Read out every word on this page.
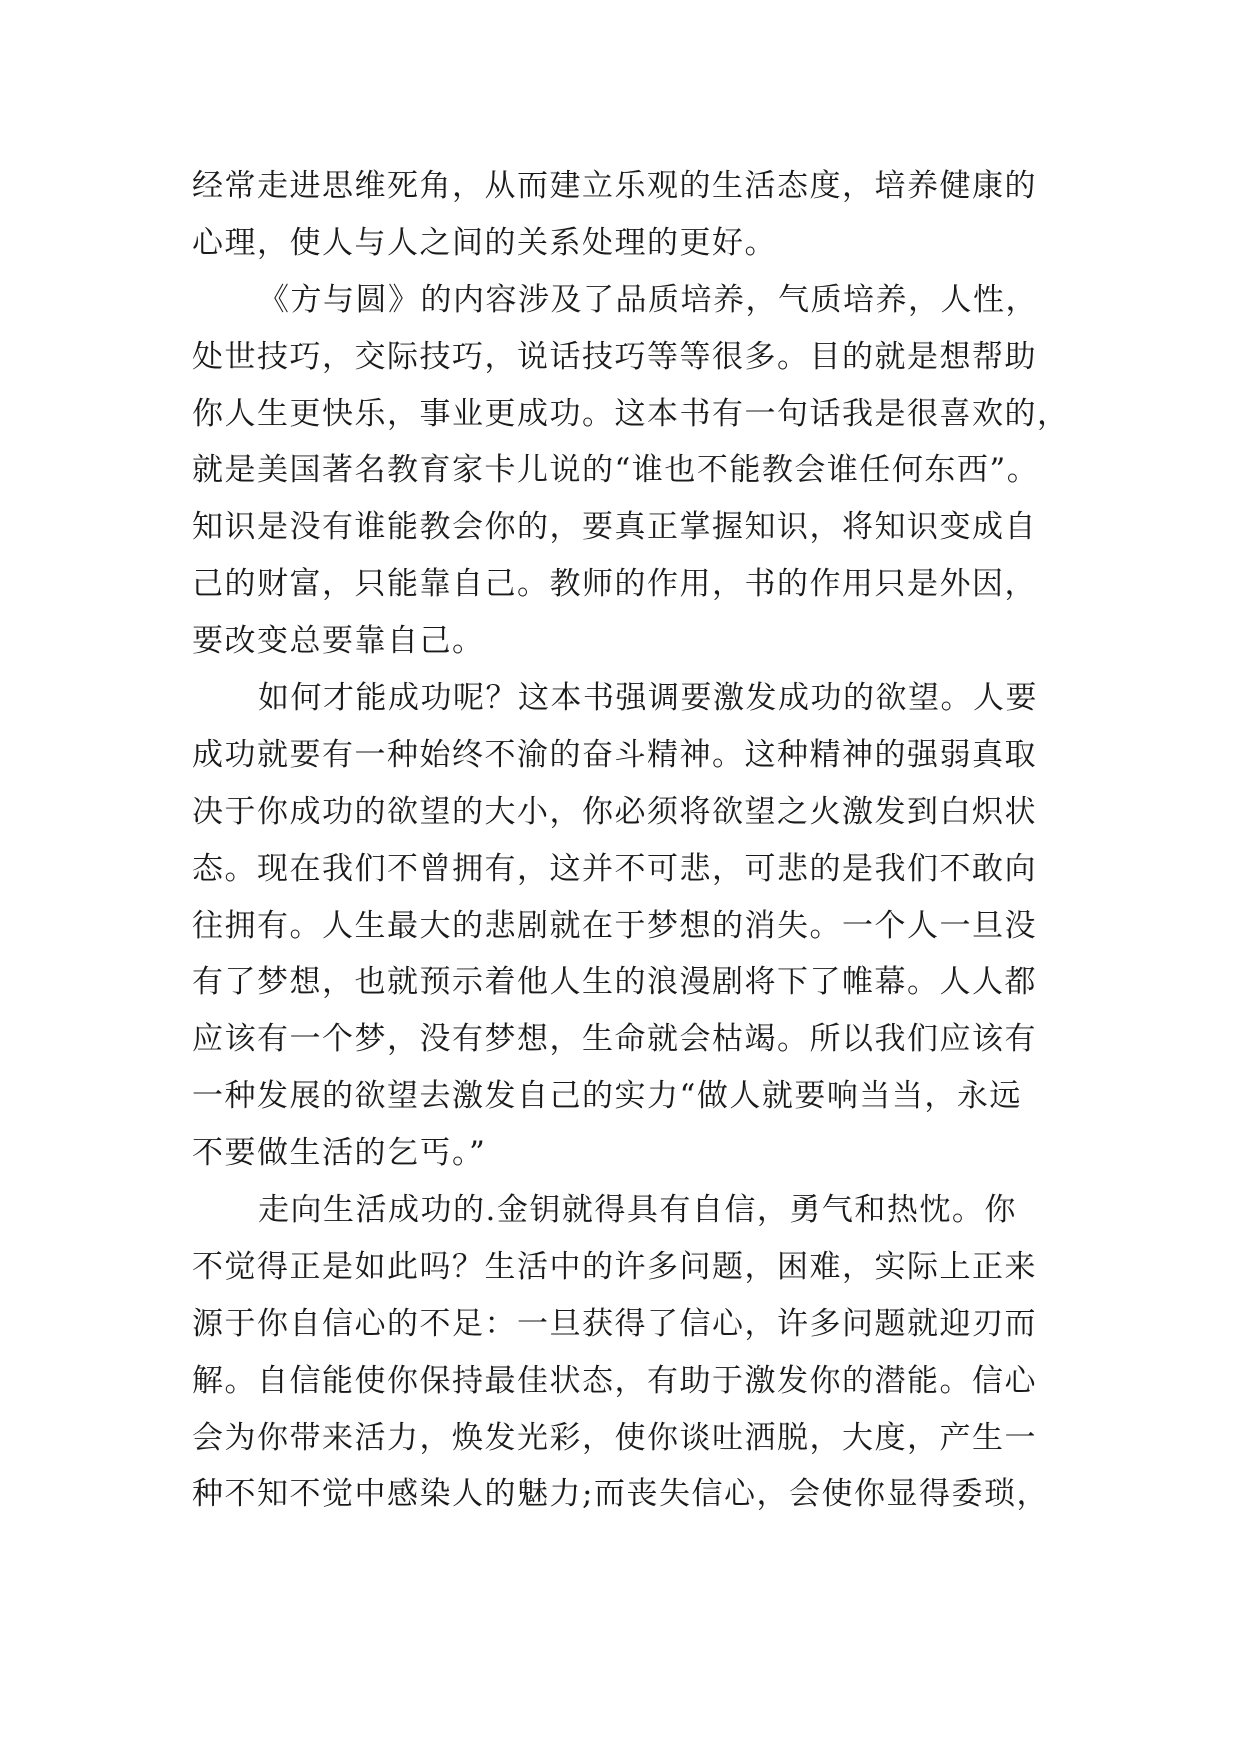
经常走进思维死角，从而建立乐观的生活态度，培养健康的
心理，使人与人之间的关系处理的更好。
《方与圆》的内容涉及了品质培养，气质培养，人性，
处世技巧，交际技巧，说话技巧等等很多。目的就是想帮助
你人生更快乐，事业更成功。这本书有一句话我是很喜欢的，
就是美国著名教育家卡儿说的“谁也不能教会谁任何东西”。
知识是没有谁能教会你的，要真正掌握知识，将知识变成自
己的财富，只能靠自己。教师的作用，书的作用只是外因，
要改变总要靠自己。
如何才能成功呢？这本书强调要激发成功的欲望。人要
成功就要有一种始终不渝的奋斗精神。这种精神的强弱真取
决于你成功的欲望的大小，你必须将欲望之火激发到白炽状
态。现在我们不曾拥有，这并不可悲，可悲的是我们不敢向
往拥有。人生最大的悲剧就在于梦想的消失。一个人一旦没
有了梦想，也就预示着他人生的浪漫剧将下了帷幕。人人都
应该有一个梦，没有梦想，生命就会枯竭。所以我们应该有
一种发展的欲望去激发自己的实力“做人就要响当当，永远
不要做生活的乞丐。”
走向生活成功的.金钥就得具有自信，勇气和热忱。你
不觉得正是如此吗？生活中的许多问题，困难，实际上正来
源于你自信心的不足：一旦获得了信心，许多问题就迎刃而
解。自信能使你保持最佳状态，有助于激发你的潜能。信心
会为你带来活力，焕发光彩，使你谈吐洒脱，大度，产生一
种不知不觉中感染人的魅力;而丧失信心，会使你显得委琐，
